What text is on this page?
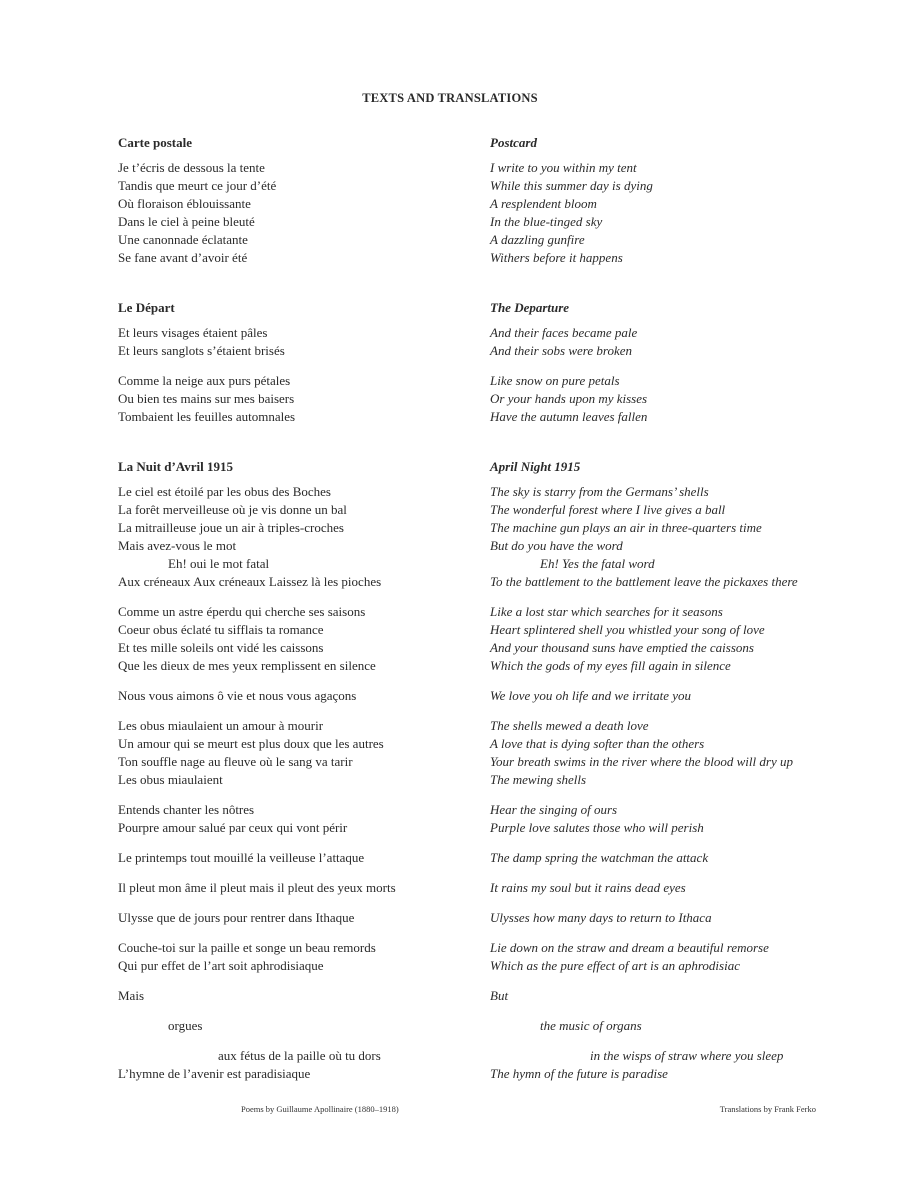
TEXTS AND TRANSLATIONS
Carte postale
Je t’écris de dessous la tente
Tandis que meurt ce jour d’été
Où floraison éblouissante
Dans le ciel à peine bleuté
Une canonnade éclatante
Se fane avant d’avoir été
Le Départ
Et leurs visages étaient pâles
Et leurs sanglots s’étaient brisés
Comme la neige aux purs pétales
Ou bien tes mains sur mes baisers
Tombaient les feuilles automnales
La Nuit d’Avril 1915
Le ciel est étoilé par les obus des Boches
La forêt merveilleuse où je vis donne un bal
La mitrailleuse joue un air à triples-croches
Mais avez-vous le mot
Eh! oui le mot fatal
Aux créneaux Aux créneaux Laissez là les pioches
Comme un astre éperdu qui cherche ses saisons
Coeur obus éclaté tu sifflais ta romance
Et tes mille soleils ont vidé les caissons
Que les dieux de mes yeux remplissent en silence
Nous vous aimons ô vie et nous vous agaçons
Les obus miaulaient un amour à mourir
Un amour qui se meurt est plus doux que les autres
Ton souffle nage au fleuve où le sang va tarir
Les obus miaulaient
Entends chanter les nôtres
Pourpre amour salué par ceux qui vont périr
Le printemps tout mouillé la veilleuse l’attaque
Il pleut mon âme il pleut mais il pleut des yeux morts
Ulysse que de jours pour rentrer dans Ithaque
Couche-toi sur la paille et songe un beau remords
Qui pur effet de l’art soit aphrodisiaque
Mais
orgues
aux fétus de la paille où tu dors
L’hymne de l’avenir est paradisiaque
Postcard
I write to you within my tent
While this summer day is dying
A resplendent bloom
In the blue-tinged sky
A dazzling gunfire
Withers before it happens
The Departure
And their faces became pale
And their sobs were broken
Like snow on pure petals
Or your hands upon my kisses
Have the autumn leaves fallen
April Night 1915
The sky is starry from the Germans’ shells
The wonderful forest where I live gives a ball
The machine gun plays an air in three-quarters time
But do you have the word
Eh! Yes the fatal word
To the battlement to the battlement leave the pickaxes there
Like a lost star which searches for it seasons
Heart splintered shell you whistled your song of love
And your thousand suns have emptied the caissons
Which the gods of my eyes fill again in silence
We love you oh life and we irritate you
The shells mewed a death love
A love that is dying softer than the others
Your breath swims in the river where the blood will dry up
The mewing shells
Hear the singing of ours
Purple love salutes those who will perish
The damp spring the watchman the attack
It rains my soul but it rains dead eyes
Ulysses how many days to return to Ithaca
Lie down on the straw and dream a beautiful remorse
Which as the pure effect of art is an aphrodisiac
But
the music of organs
in the wisps of straw where you sleep
The hymn of the future is paradise
Poems by Guillaume Apollinaire (1880–1918)	Translations by Frank Ferko
